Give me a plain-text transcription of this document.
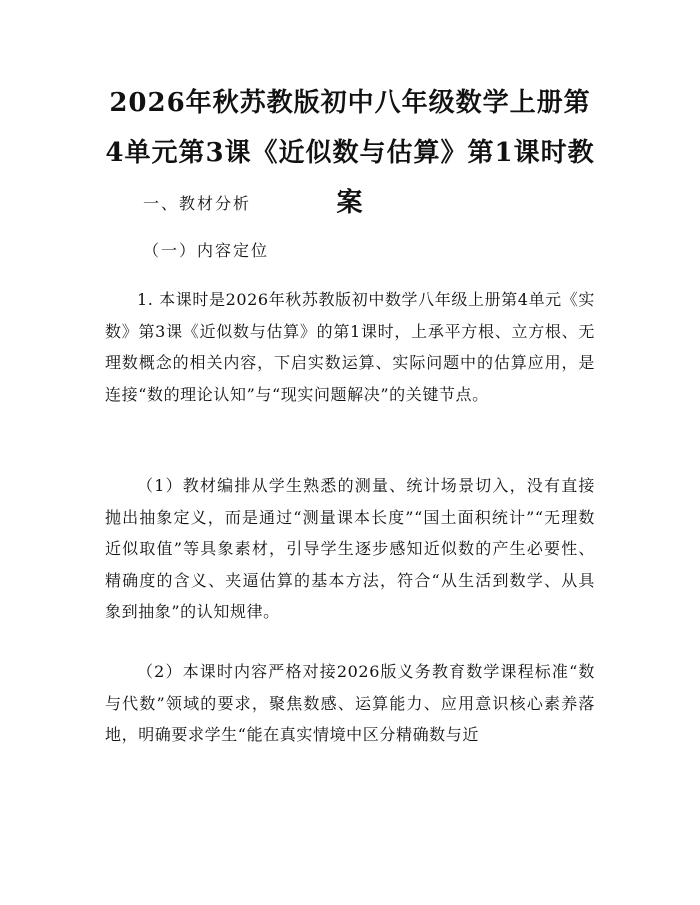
2026年秋苏教版初中八年级数学上册第4单元第3课《近似数与估算》第1课时教案

一、教材分析

（一）内容定位

1. 本课时是2026年秋苏教版初中数学八年级上册第4单元《实数》第3课《近似数与估算》的第1课时，上承平方根、立方根、无理数概念的相关内容，下启实数运算、实际问题中的估算应用，是连接“数的理论认知”与“现实问题解决”的关键节点。

（1）教材编排从学生熟悉的测量、统计场景切入，没有直接抛出抽象定义，而是通过“测量课本长度”“国土面积统计”“无理数近似取值”等具象素材，引导学生逐步感知近似数的产生必要性、精确度的含义、夹逼估算的基本方法，符合“从生活到数学、从具象到抽象”的认知规律。

（2）本课时内容严格对接2026版义务教育数学课程标准“数与代数”领域的要求，聚焦数感、运算能力、应用意识核心素养落地，明确要求学生“能在真实情境中区分精确数与近
